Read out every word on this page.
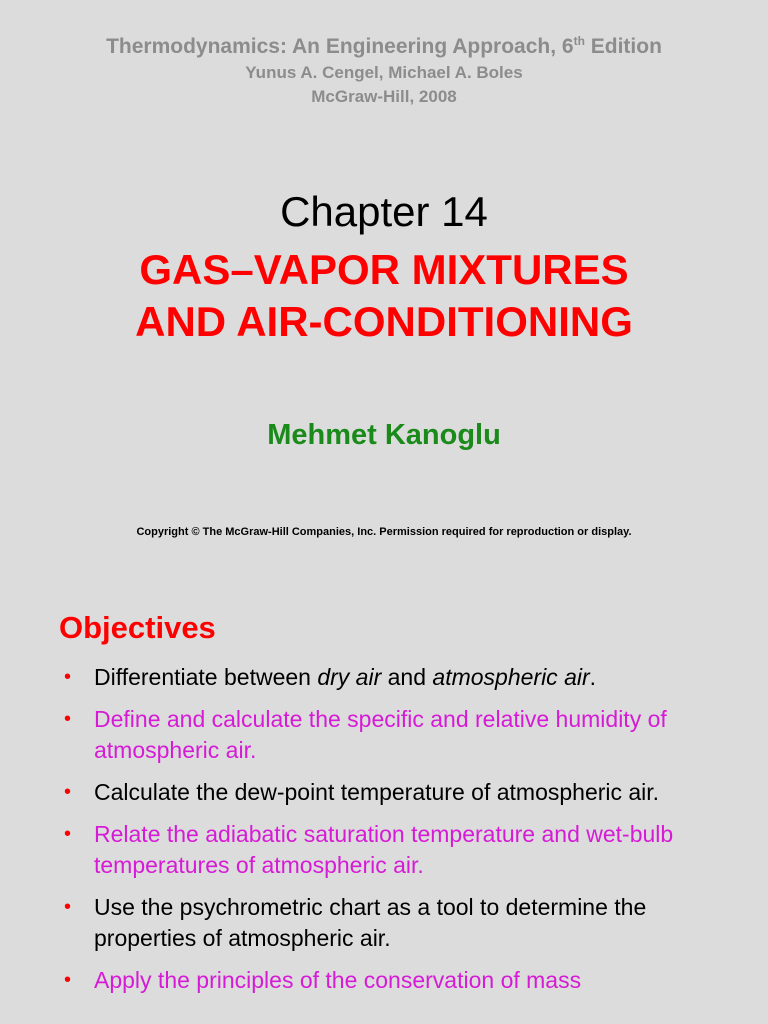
Thermodynamics: An Engineering Approach, 6th Edition
Yunus A. Cengel, Michael A. Boles
McGraw-Hill, 2008
Chapter 14
GAS–VAPOR MIXTURES
AND AIR-CONDITIONING
Mehmet Kanoglu
Copyright © The McGraw-Hill Companies, Inc. Permission required for reproduction or display.
Objectives
• Differentiate between dry air and atmospheric air.
• Define and calculate the specific and relative humidity of atmospheric air.
• Calculate the dew-point temperature of atmospheric air.
• Relate the adiabatic saturation temperature and wet-bulb temperatures of atmospheric air.
• Use the psychrometric chart as a tool to determine the properties of atmospheric air.
• Apply the principles of the conservation of mass
